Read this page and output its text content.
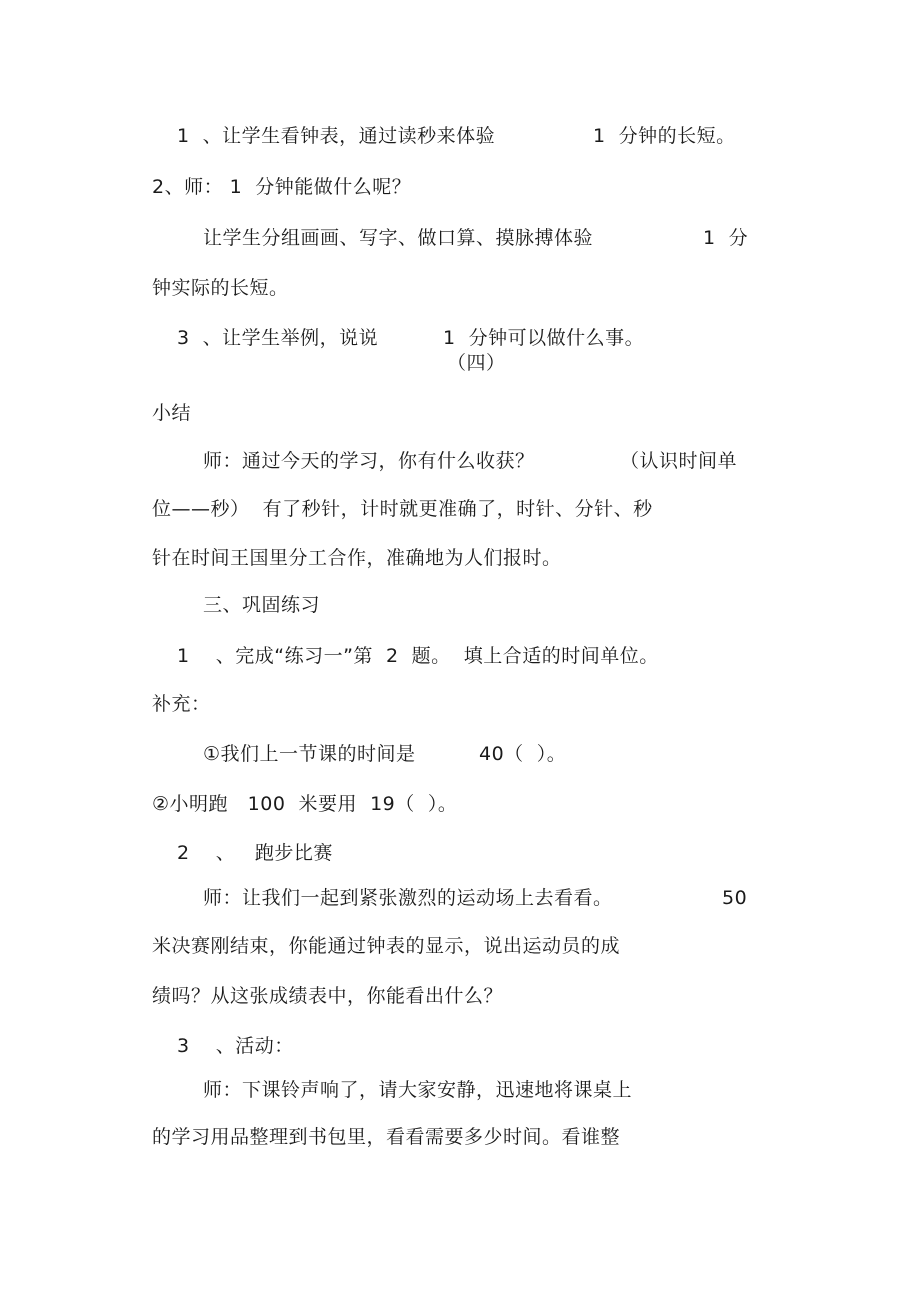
1  、让学生看钟表，通过读秒来体验	1  分钟的长短。
2、师： 1  分钟能做什么呢？
让学生分组画画、写字、做口算、摸脉搏体验	1  分
钟实际的长短。
3  、让学生举例，说说	1  分钟可以做什么事。
（四）
小结
师：通过今天的学习，你有什么收获？	（认识时间单
位——秒）  有了秒针，计时就更准确了，时针、分针、秒
针在时间王国里分工合作，准确地为人们报时。
三、巩固练习
1    、完成“练习一”第  2  题。  填上合适的时间单位。
补充：
①我们上一节课的时间是	40（  ）。
②小明跑   100  米要用  19（  ）。
2    、   跑步比赛
师：让我们一起到紧张激烈的运动场上去看看。	50
米决赛刚结束，你能通过钟表的显示，说出运动员的成
绩吗？从这张成绩表中，你能看出什么？
3    、活动：
师：下课铃声响了，请大家安静，迅速地将课桌上
的学习用品整理到书包里，看看需要多少时间。看谁整
